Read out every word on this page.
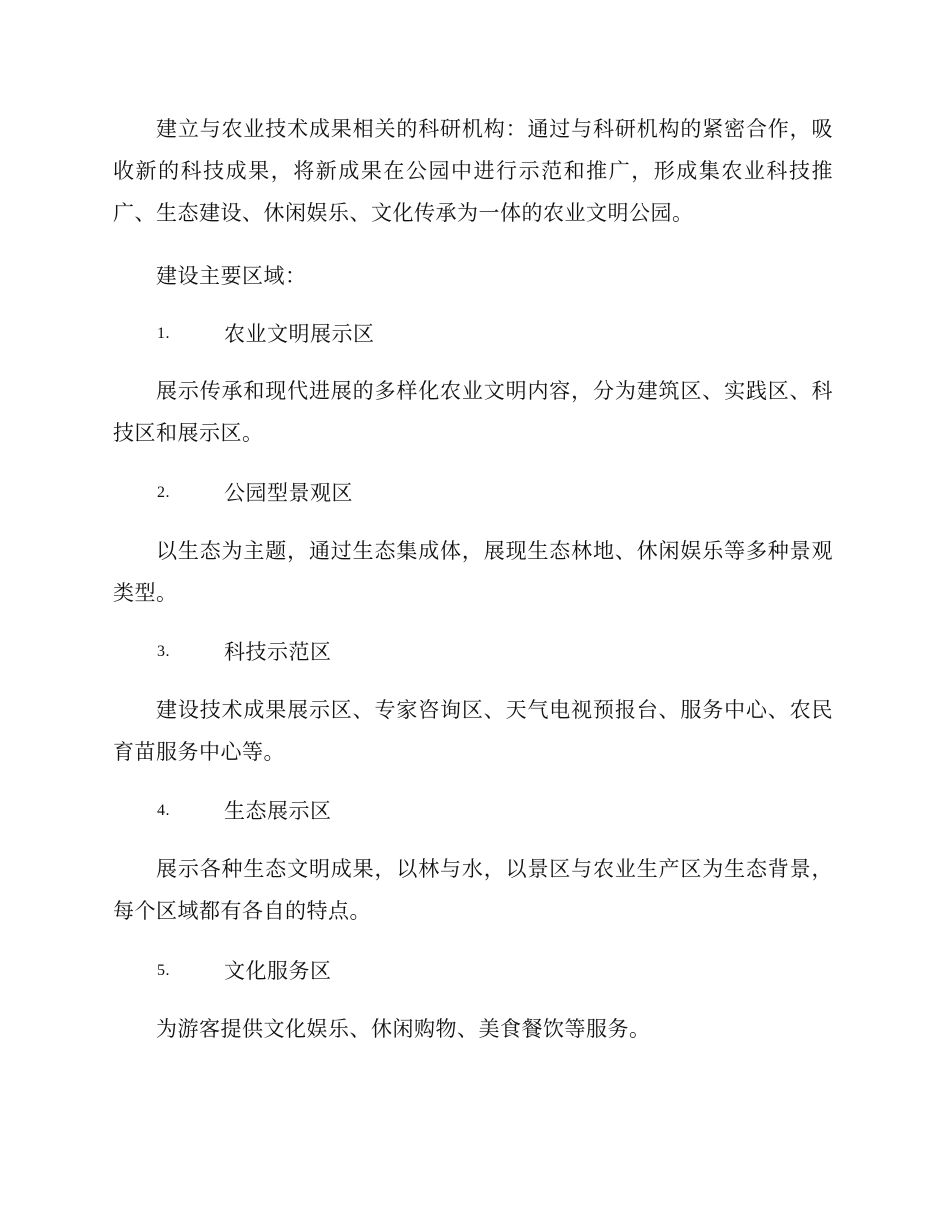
建立与农业技术成果相关的科研机构：通过与科研机构的紧密合作，吸收新的科技成果，将新成果在公园中进行示范和推广，形成集农业科技推广、生态建设、休闲娱乐、文化传承为一体的农业文明公园。

建设主要区域：

1.	农业文明展示区

展示传承和现代进展的多样化农业文明内容，分为建筑区、实践区、科技区和展示区。

2.	公园型景观区

以生态为主题，通过生态集成体，展现生态林地、休闲娱乐等多种景观类型。

3.	科技示范区

建设技术成果展示区、专家咨询区、天气电视预报台、服务中心、农民育苗服务中心等。

4.	生态展示区

展示各种生态文明成果，以林与水，以景区与农业生产区为生态背景，每个区域都有各自的特点。

5.	文化服务区

为游客提供文化娱乐、休闲购物、美食餐饮等服务。
